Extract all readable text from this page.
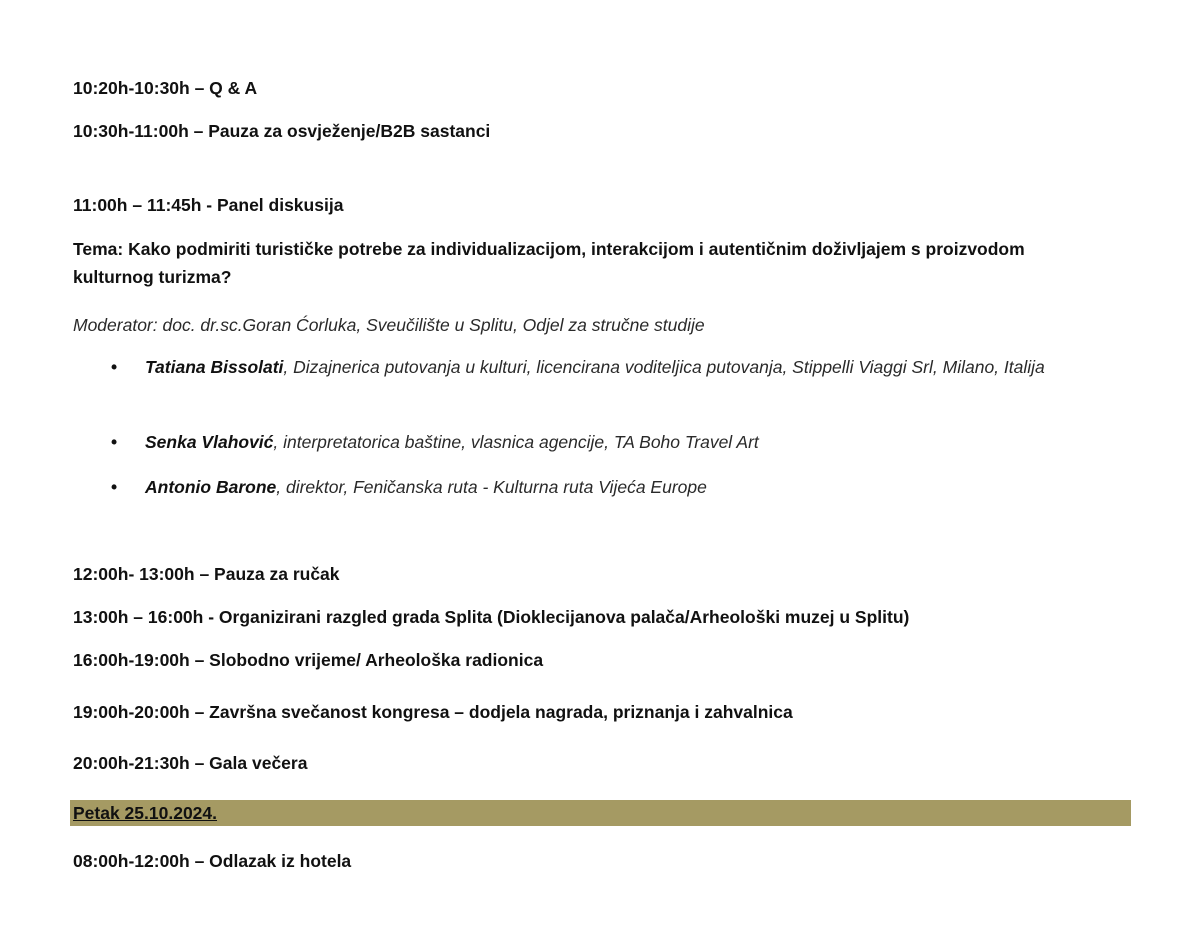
10:20h-10:30h – Q & A
10:30h-11:00h – Pauza za osvježenje/B2B sastanci
11:00h – 11:45h - Panel diskusija
Tema: Kako podmiriti turističke potrebe za individualizacijom, interakcijom i autentičnim doživljajem s proizvodom kulturnog turizma?
Moderator: doc. dr.sc.Goran Ćorluka, Sveučilište u Splitu, Odjel za stručne studije
• Tatiana Bissolati, Dizajnerica putovanja u kulturi, licencirana voditeljica putovanja, Stippelli Viaggi Srl, Milano, Italija
• Senka Vlahović, interpretatorica baštine, vlasnica agencije, TA Boho Travel Art
• Antonio Barone, direktor, Feničanska ruta - Kulturna ruta Vijeća Europe
12:00h- 13:00h – Pauza za ručak
13:00h – 16:00h - Organizirani razgled grada Splita (Dioklecijanova palača/Arheološki muzej u Splitu)
16:00h-19:00h – Slobodno vrijeme/ Arheološka radionica
19:00h-20:00h – Završna svečanost kongresa – dodjela nagrada, priznanja i zahvalnica
20:00h-21:30h – Gala večera
Petak 25.10.2024.
08:00h-12:00h – Odlazak iz hotela
